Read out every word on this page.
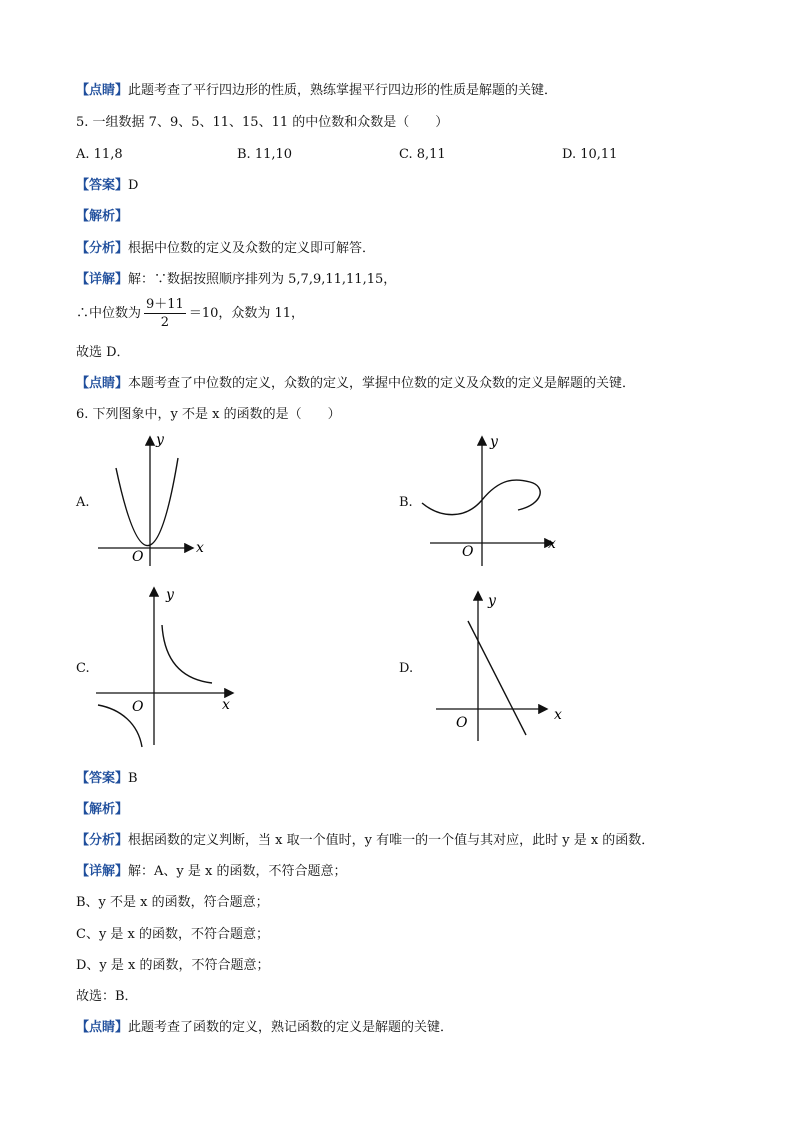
【点睛】此题考查了平行四边形的性质，熟练掌握平行四边形的性质是解题的关键．
5. 一组数据 7、9、5、11、15、11 的中位数和众数是（　　）
A. 11,8	B. 11,10	C. 8,11	D. 10,11
【答案】D
【解析】
【分析】根据中位数的定义及众数的定义即可解答．
【详解】解：∵数据按照顺序排列为 5,7,9,11,11,15，
∴中位数为 $\frac{9+11}{2} =10$，众数为 11，
故选 D．
【点睛】本题考查了中位数的定义，众数的定义，掌握中位数的定义及众数的定义是解题的关键．
6. 下列图象中，y 不是 x 的函数的是（　　）
A.
y
x
O
B.
y
x
O
C.
y
x
O
D.
y
x
O
【答案】B
【解析】
【分析】根据函数的定义判断，当 x 取一个值时，y 有唯一的一个值与其对应，此时 y 是 x 的函数．
【详解】解：A、y 是 x 的函数，不符合题意；
B、y 不是 x 的函数，符合题意；
C、y 是 x 的函数，不符合题意；
D、y 是 x 的函数，不符合题意；
故选：B．
【点睛】此题考查了函数的定义，熟记函数的定义是解题的关键．
